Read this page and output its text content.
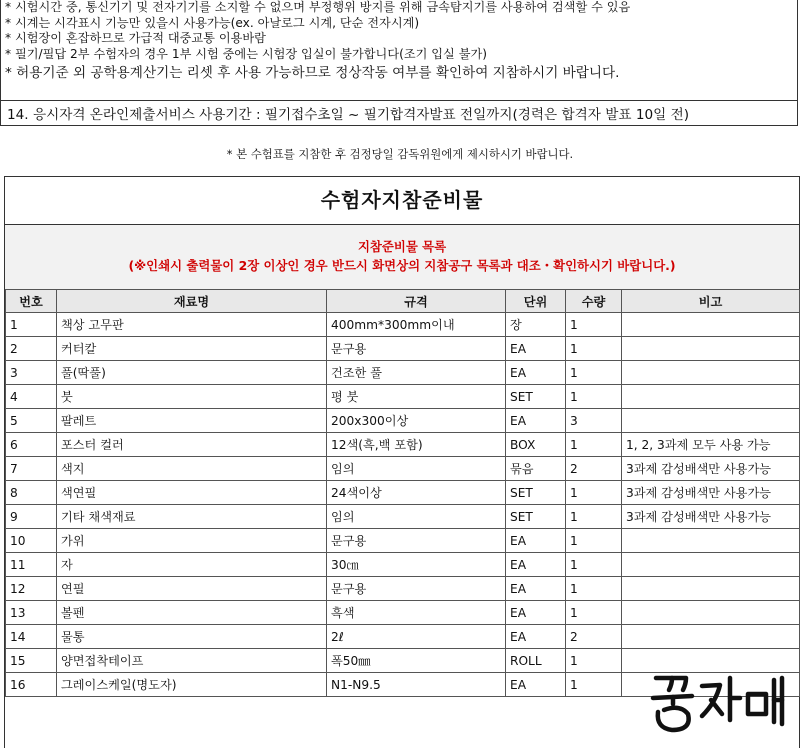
* 시험시간 중, 통신기기 및 전자기기를 소지할 수 없으며 부정행위 방지를 위해 금속탐지기를 사용하여 검색할 수 있음
* 시계는 시각표시 기능만 있을시 사용가능(ex. 아날로그 시계, 단순 전자시계)
* 시험장이 혼잡하므로 가급적 대중교통 이용바람
* 필기/필답 2부 수험자의 경우 1부 시험 중에는 시험장 입실이 불가합니다(조기 입실 불가)
* 허용기준 외 공학용계산기는 리셋 후 사용 가능하므로 정상작동 여부를 확인하여 지참하시기 바랍니다.
14. 응시자격 온라인제출서비스 사용기간 : 필기접수초일 ~ 필기합격자발표 전일까지(경력은 합격자 발표 10일 전)
* 본 수험표를 지참한 후 검정당일 감독위원에게 제시하시기 바랍니다.
수험자지참준비물
지참준비물 목록
(※인쇄시 출력물이 2장 이상인 경우 반드시 화면상의 지참공구 목록과 대조・확인하시기 바랍니다.)
번호	재료명	규격	단위	수량	비고
1	책상 고무판	400mm*300mm이내	장	1	
2	커터칼	문구용	EA	1	
3	풀(딱풀)	건조한 풀	EA	1	
4	붓	평 붓	SET	1	
5	팔레트	200x300이상	EA	3	
6	포스터 컬러	12색(흑,백 포함)	BOX	1	1, 2, 3과제 모두 사용 가능
7	색지	임의	묶음	2	3과제 감성배색만 사용가능
8	색연필	24색이상	SET	1	3과제 감성배색만 사용가능
9	기타 채색재료	임의	SET	1	3과제 감성배색만 사용가능
10	가위	문구용	EA	1	
11	자	30㎝	EA	1	
12	연필	문구용	EA	1	
13	볼펜	흑색	EA	1	
14	물통	2ℓ	EA	2	
15	양면접착테이프	폭50㎜	ROLL	1	
16	그레이스케일(명도자)	N1-N9.5	EA	1	
